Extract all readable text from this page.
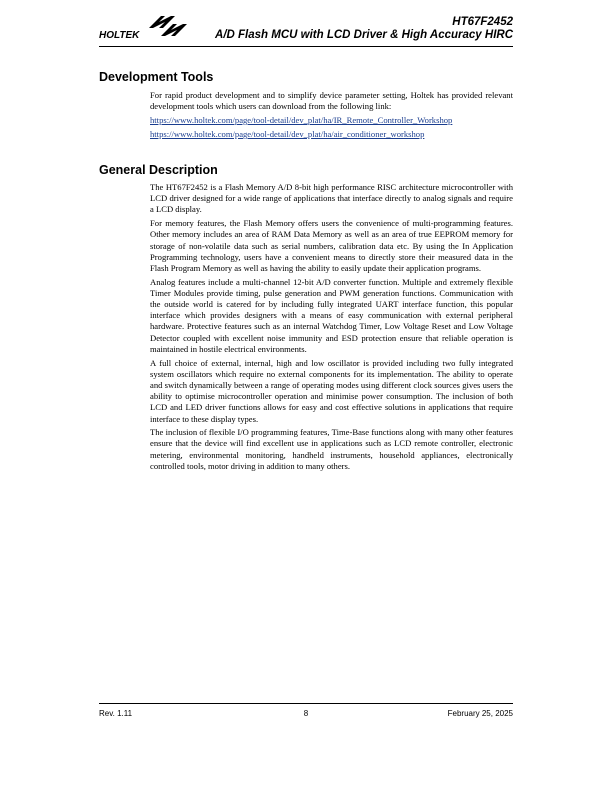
HOLTEK
HT67F2452
A/D Flash MCU with LCD Driver & High Accuracy HIRC
Development Tools

For rapid product development and to simplify device parameter setting, Holtek has provided relevant development tools which users can download from the following link:

https://www.holtek.com/page/tool-detail/dev_plat/ha/IR_Remote_Controller_Workshop
https://www.holtek.com/page/tool-detail/dev_plat/ha/air_conditioner_workshop
General Description

The HT67F2452 is a Flash Memory A/D 8-bit high performance RISC architecture microcontroller with LCD driver designed for a wide range of applications that interface directly to analog signals and require a LCD display.

For memory features, the Flash Memory offers users the convenience of multi-programming features. Other memory includes an area of RAM Data Memory as well as an area of true EEPROM memory for storage of non-volatile data such as serial numbers, calibration data etc. By using the In Application Programming technology, users have a convenient means to directly store their measured data in the Flash Program Memory as well as having the ability to easily update their application programs.

Analog features include a multi-channel 12-bit A/D converter function. Multiple and extremely flexible Timer Modules provide timing, pulse generation and PWM generation functions. Communication with the outside world is catered for by including fully integrated UART interface function, this popular interface which provides designers with a means of easy communication with external peripheral hardware. Protective features such as an internal Watchdog Timer, Low Voltage Reset and Low Voltage Detector coupled with excellent noise immunity and ESD protection ensure that reliable operation is maintained in hostile electrical environments.

A full choice of external, internal, high and low oscillator is provided including two fully integrated system oscillators which require no external components for its implementation. The ability to operate and switch dynamically between a range of operating modes using different clock sources gives users the ability to optimise microcontroller operation and minimise power consumption. The inclusion of both LCD and LED driver functions allows for easy and cost effective solutions in applications that require interface to these display types.

The inclusion of flexible I/O programming features, Time-Base functions along with many other features ensure that the device will find excellent use in applications such as LCD remote controller, electronic metering, environmental monitoring, handheld instruments, household appliances, electronically controlled tools, motor driving in addition to many others.

Rev. 1.11	8	February 25, 2025
